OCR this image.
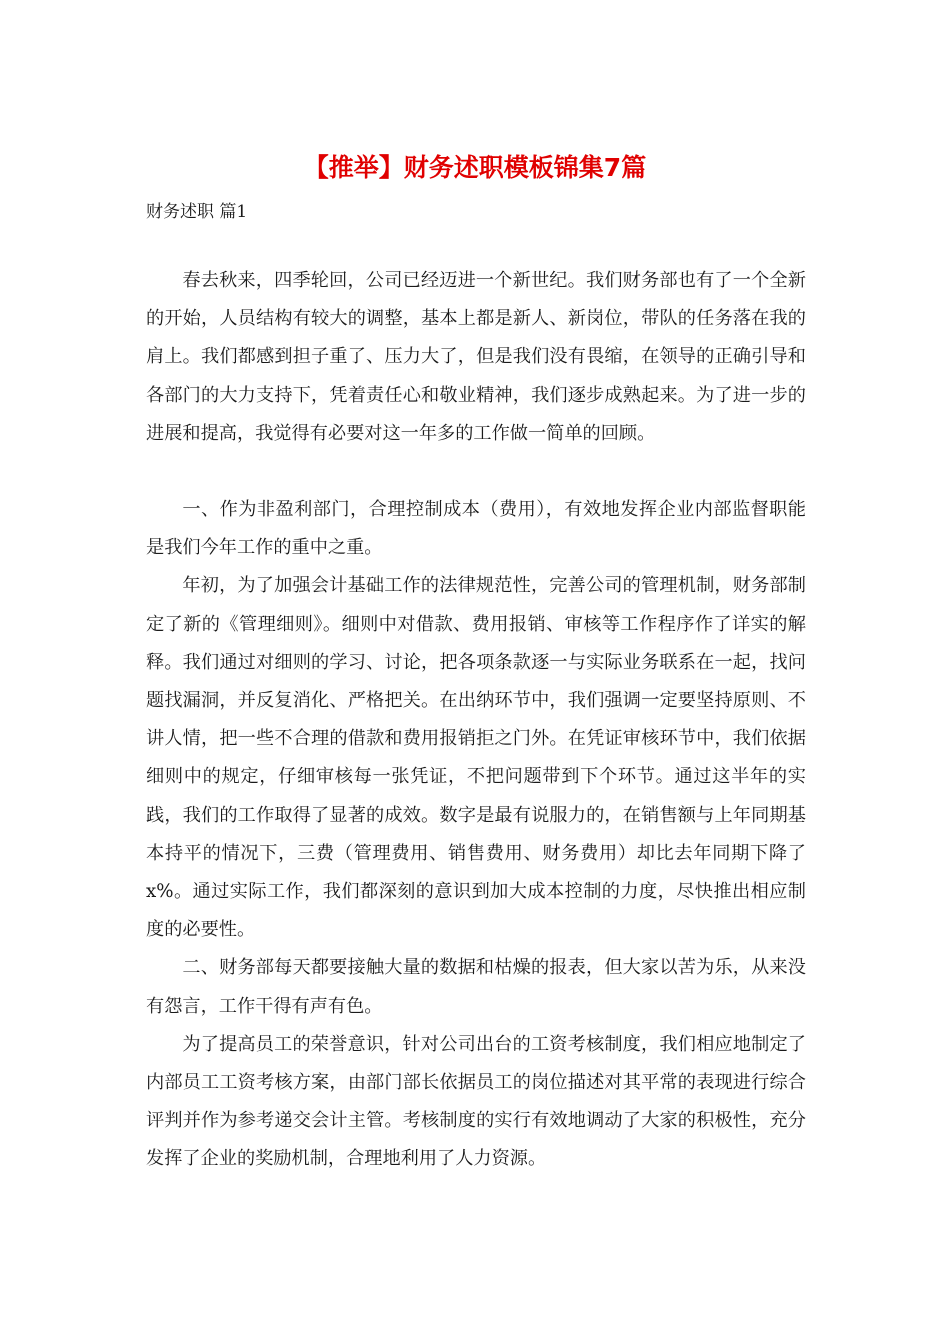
【推举】财务述职模板锦集7篇

财务述职 篇1

春去秋来，四季轮回，公司已经迈进一个新世纪。我们财务部也有了一个全新的开始，人员结构有较大的调整，基本上都是新人、新岗位，带队的任务落在我的肩上。我们都感到担子重了、压力大了，但是我们没有畏缩，在领导的正确引导和各部门的大力支持下，凭着责任心和敬业精神，我们逐步成熟起来。为了进一步的进展和提高，我觉得有必要对这一年多的工作做一简单的回顾。

一、作为非盈利部门，合理控制成本（费用），有效地发挥企业内部监督职能是我们今年工作的重中之重。

年初，为了加强会计基础工作的法律规范性，完善公司的管理机制，财务部制定了新的《管理细则》。细则中对借款、费用报销、审核等工作程序作了详实的解释。我们通过对细则的学习、讨论，把各项条款逐一与实际业务联系在一起，找问题找漏洞，并反复消化、严格把关。在出纳环节中，我们强调一定要坚持原则、不讲人情，把一些不合理的借款和费用报销拒之门外。在凭证审核环节中，我们依据细则中的规定，仔细审核每一张凭证，不把问题带到下个环节。通过这半年的实践，我们的工作取得了显著的成效。数字是最有说服力的，在销售额与上年同期基本持平的情况下，三费（管理费用、销售费用、财务费用）却比去年同期下降了x%。通过实际工作，我们都深刻的意识到加大成本控制的力度，尽快推出相应制度的必要性。

二、财务部每天都要接触大量的数据和枯燥的报表，但大家以苦为乐，从来没有怨言，工作干得有声有色。

为了提高员工的荣誉意识，针对公司出台的工资考核制度，我们相应地制定了内部员工工资考核方案，由部门部长依据员工的岗位描述对其平常的表现进行综合评判并作为参考递交会计主管。考核制度的实行有效地调动了大家的积极性，充分发挥了企业的奖励机制，合理地利用了人力资源。
